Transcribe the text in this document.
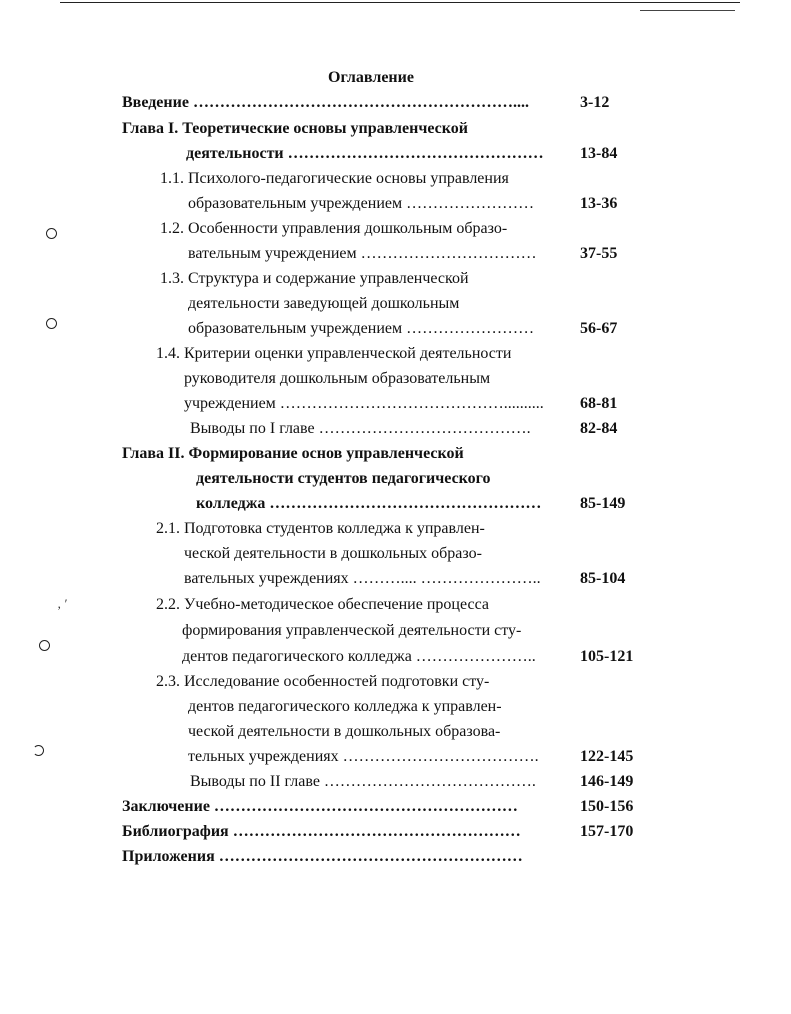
‚ ′
Оглавление
Введение ……………………………………………………....	3-12
Глава I. Теоретические основы управленческой
деятельности ………………………………………… 13-84
1.1. Психолого-педагогические основы управления
образовательным учреждением ……………………	13-36
1.2. Особенности управления дошкольным образо-
вательным учреждением ……………………………	37-55
1.3. Структура и содержание управленческой
деятельности заведующей дошкольным
образовательным учреждением ……………………	56-67
1.4. Критерии оценки управленческой деятельности
руководителя дошкольным образовательным
учреждением …………………………………….......... 68-81
Выводы по I главе ………………………………….	82-84
Глава II. Формирование основ управленческой
деятельности студентов педагогического
колледжа …………………………………………… 85-149
2.1. Подготовка студентов колледжа к управлен-
ческой деятельности в дошкольных образо-
вательных учреждениях ……….... ………………….. 85-104
2.2. Учебно-методическое обеспечение процесса
формирования управленческой деятельности сту-
дентов педагогического колледжа …………………..	105-121
2.3. Исследование особенностей подготовки сту-
дентов педагогического колледжа к управлен-
ческой деятельности в дошкольных образова-
тельных учреждениях ……………………………….	122-145
Выводы по II главе ………………………………….	146-149
Заключение …………………………………………………	150-156
Библиография ………………………………………………	157-170
Приложения …………………………………………………
